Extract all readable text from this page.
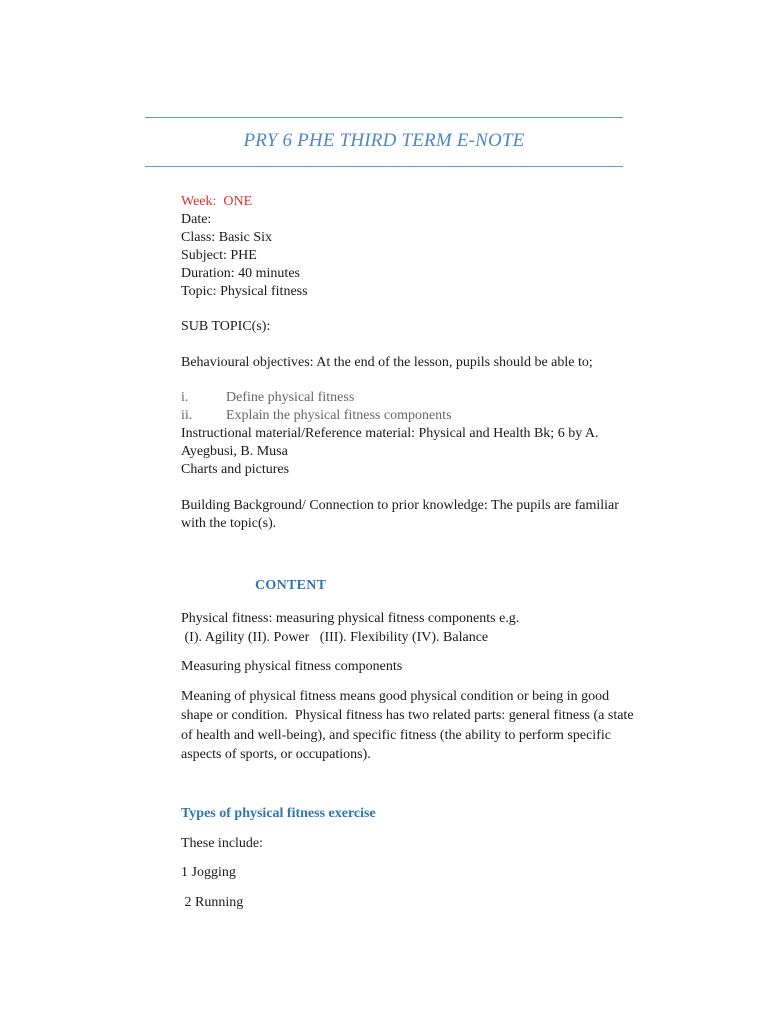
PRY 6 PHE THIRD TERM E-NOTE
Week: ONE
Date:
Class: Basic Six
Subject: PHE
Duration: 40 minutes
Topic: Physical fitness
SUB TOPIC(s):
Behavioural objectives: At the end of the lesson, pupils should be able to;
i.	Define physical fitness
ii. Explain the physical fitness components
Instructional material/Reference material: Physical and Health Bk; 6 by A.
Ayegbusi, B. Musa
Charts and pictures
Building Background/ Connection to prior knowledge: The pupils are familiar
with the topic(s).
CONTENT
Physical fitness: measuring physical fitness components e.g.
(I). Agility (II). Power   (III). Flexibility (IV). Balance
Measuring physical fitness components
Meaning of physical fitness means good physical condition or being in good
shape or condition.  Physical fitness has two related parts: general fitness (a state
of health and well-being), and specific fitness (the ability to perform specific
aspects of sports, or occupations).
Types of physical fitness exercise
These include:
1 Jogging
2 Running
